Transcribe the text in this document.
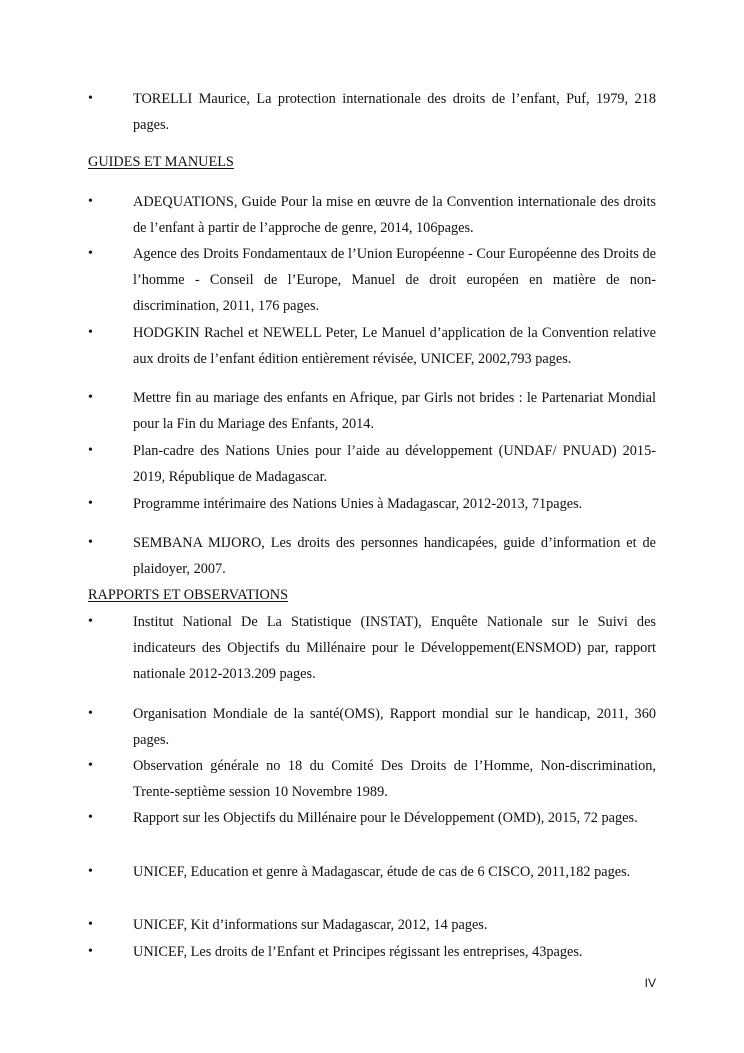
•	TORELLI Maurice, La protection internationale des droits de l’enfant, Puf, 1979, 218 pages.
GUIDES ET MANUELS
•	ADEQUATIONS, Guide Pour la mise en œuvre de la Convention internationale des droits de l’enfant à partir de l’approche de genre, 2014, 106pages.
•	Agence des Droits Fondamentaux de l’Union Européenne - Cour Européenne des Droits de l’homme - Conseil de l’Europe, Manuel de droit européen en matière de non-discrimination, 2011, 176 pages.
•	HODGKIN Rachel et NEWELL Peter, Le Manuel d’application de la Convention relative aux droits de l’enfant édition entièrement révisée, UNICEF, 2002,793 pages.
•	Mettre fin au mariage des enfants en Afrique, par Girls not brides : le Partenariat Mondial pour la Fin du Mariage des Enfants, 2014.
•	Plan-cadre des Nations Unies pour l’aide au développement (UNDAF/ PNUAD) 2015-2019, République de Madagascar.
•	Programme intérimaire des Nations Unies à Madagascar, 2012-2013, 71pages.
•	SEMBANA MIJORO, Les droits des personnes handicapées, guide d’information et de plaidoyer, 2007.
RAPPORTS ET OBSERVATIONS
•	Institut National De La Statistique (INSTAT), Enquête Nationale sur le Suivi des indicateurs des Objectifs du Millénaire pour le Développement(ENSMOD) par, rapport nationale 2012-2013.209 pages.
•	Organisation Mondiale de la santé(OMS), Rapport mondial sur le handicap, 2011, 360 pages.
•	Observation générale no 18 du Comité Des Droits de l’Homme, Non-discrimination, Trente-septième session 10 Novembre 1989.
•	Rapport sur les Objectifs du Millénaire pour le Développement (OMD), 2015, 72 pages.
•	UNICEF, Education et genre à Madagascar, étude de cas de 6 CISCO, 2011,182 pages.
•	UNICEF, Kit d’informations sur Madagascar, 2012, 14 pages.
•	UNICEF, Les droits de l’Enfant et Principes régissant les entreprises, 43pages.
IV
